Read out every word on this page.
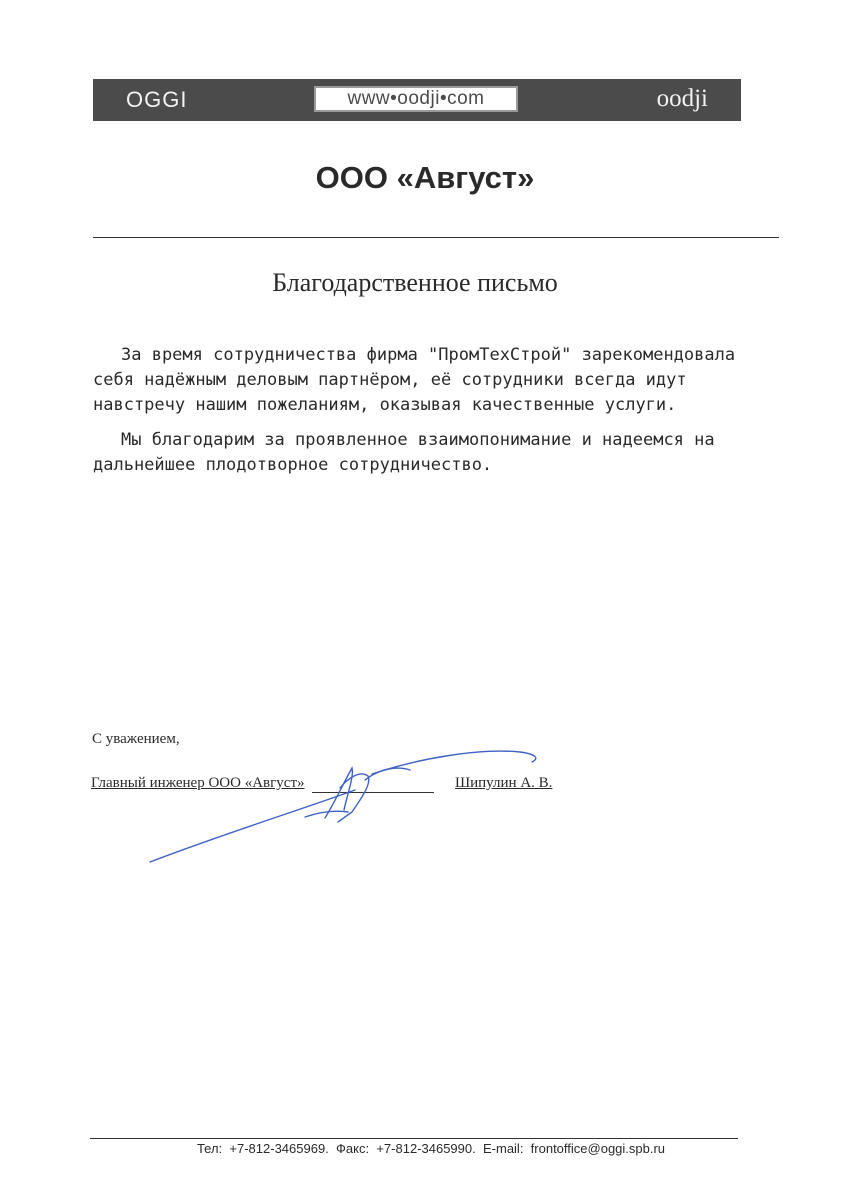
OGGI	www•oodji•com	oodji
ООО «Август»
Благодарственное письмо

За время сотрудничества фирма "ПромТехСтрой" зарекомендовала себя надёжным деловым партнёром, её сотрудники всегда идут навстречу нашим пожеланиям, оказывая качественные услуги.

Мы благодарим за проявленное взаимопонимание и надеемся на дальнейшее плодотворное сотрудничество.

С уважением,
Главный инженер ООО «Август»	Шипулин А. В.
Тел: +7-812-3465969. Факс: +7-812-3465990. E-mail: frontoffice@oggi.spb.ru
